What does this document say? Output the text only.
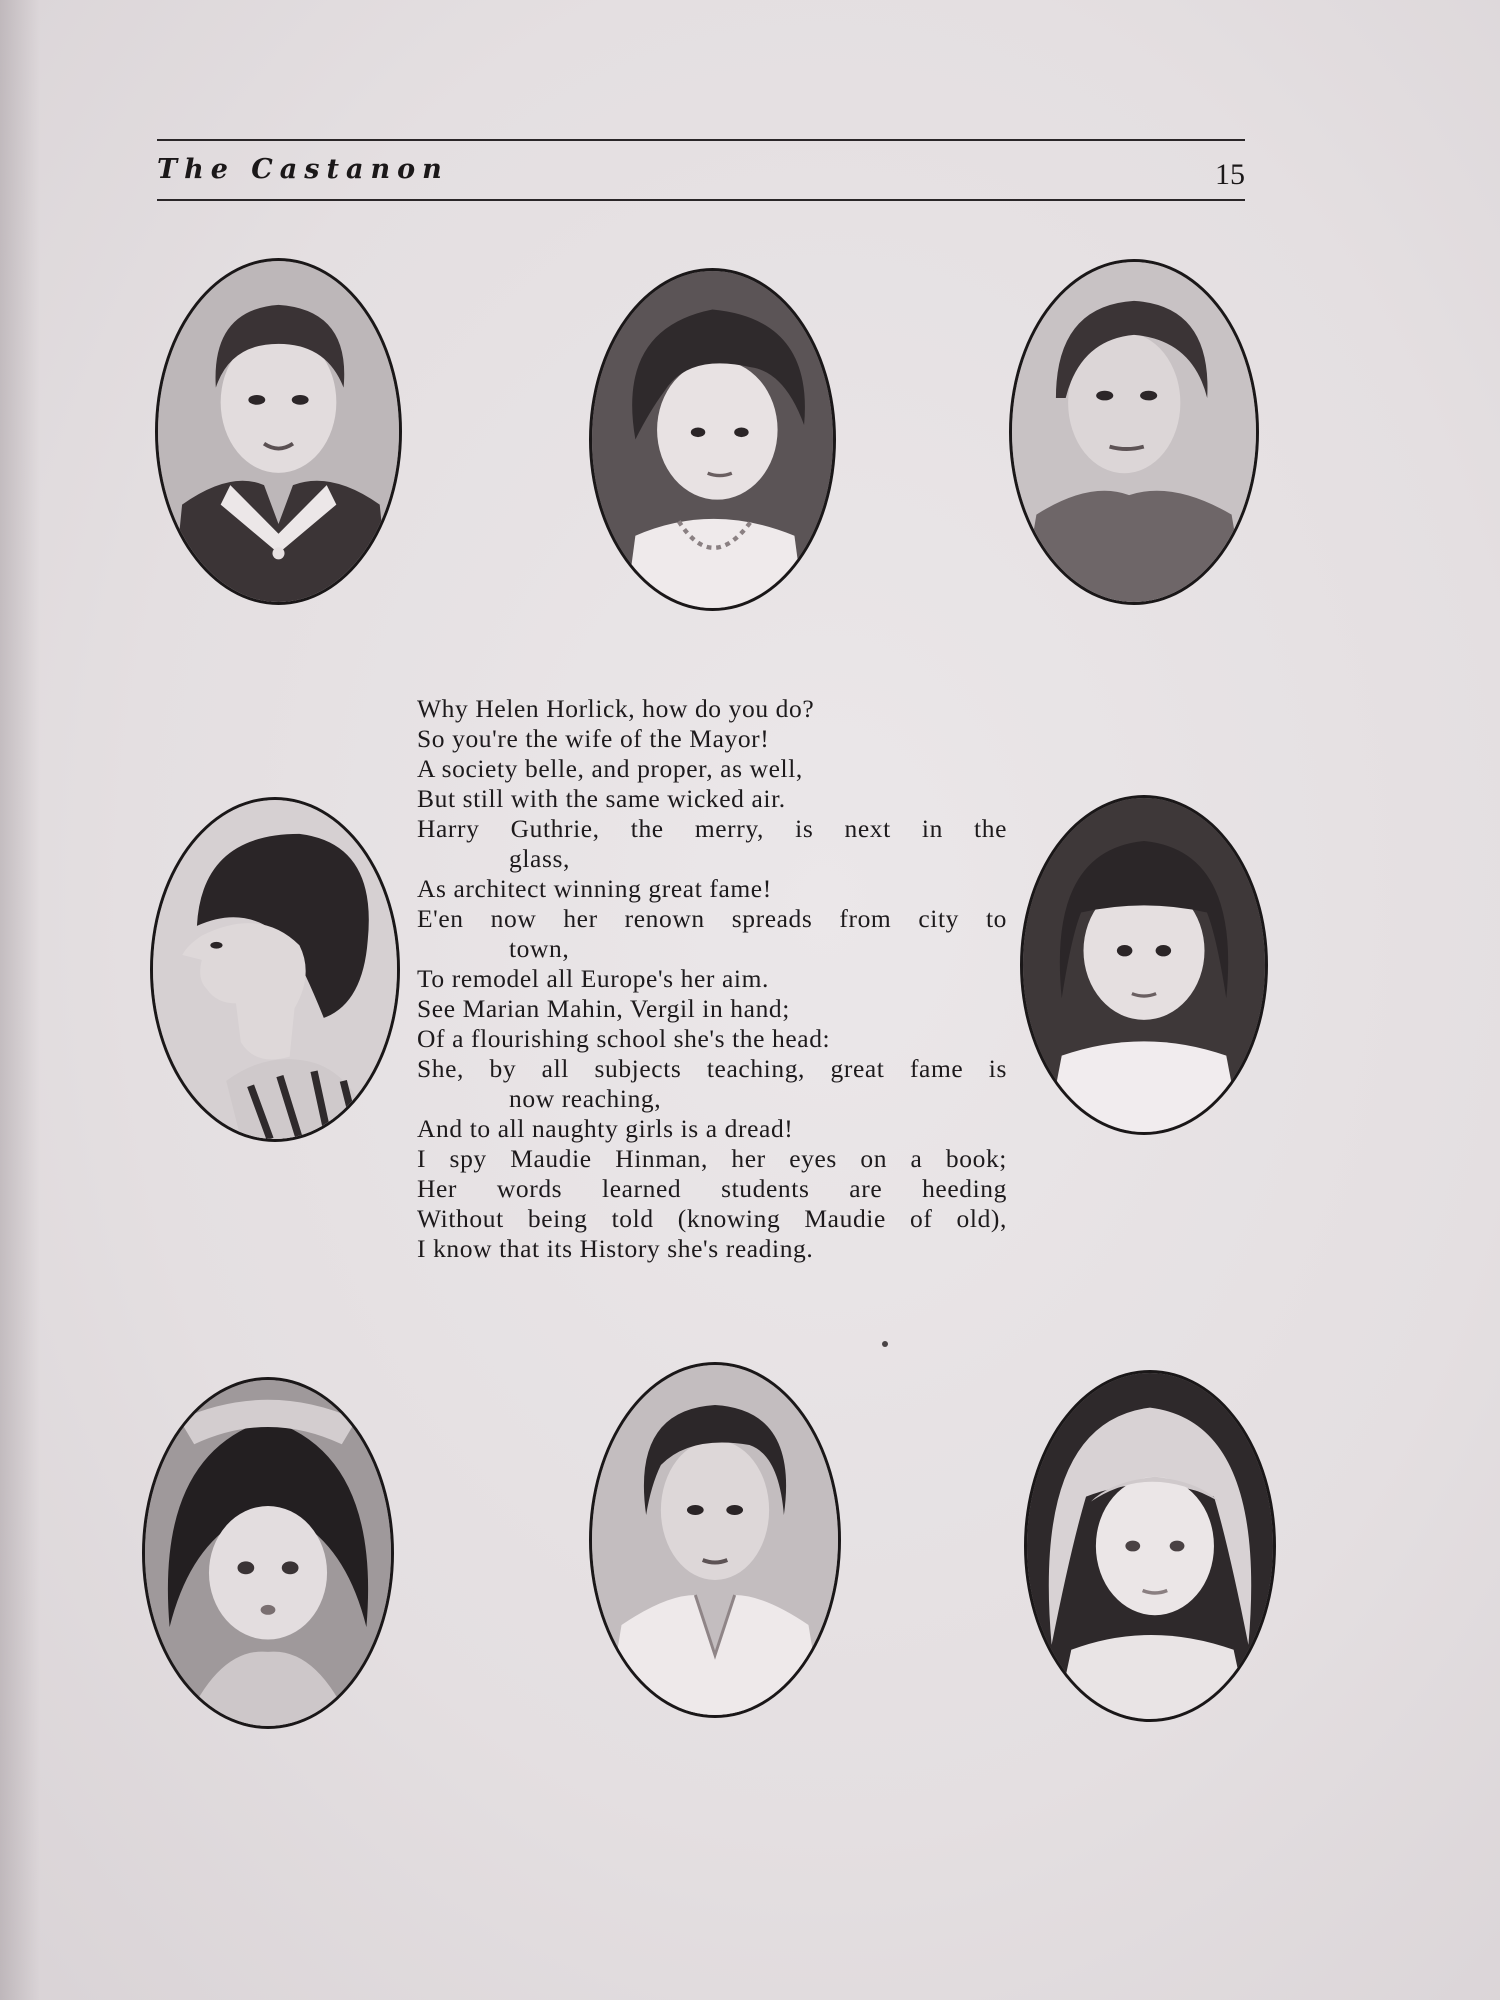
The Castanon	15
Why Helen Horlick, how do you do?
So you're the wife of the Mayor!
A society belle, and proper, as well,
But still with the same wicked air.
Harry Guthrie, the merry, is next in the
glass,
As architect winning great fame!
E'en now her renown spreads from city to
town,
To remodel all Europe's her aim.
See Marian Mahin, Vergil in hand;
Of a flourishing school she's the head:
She, by all subjects teaching, great fame is
now reaching,
And to all naughty girls is a dread!
I spy Maudie Hinman, her eyes on a book;
Her words learned students are heeding
Without being told (knowing Maudie of old),
I know that its History she's reading.
